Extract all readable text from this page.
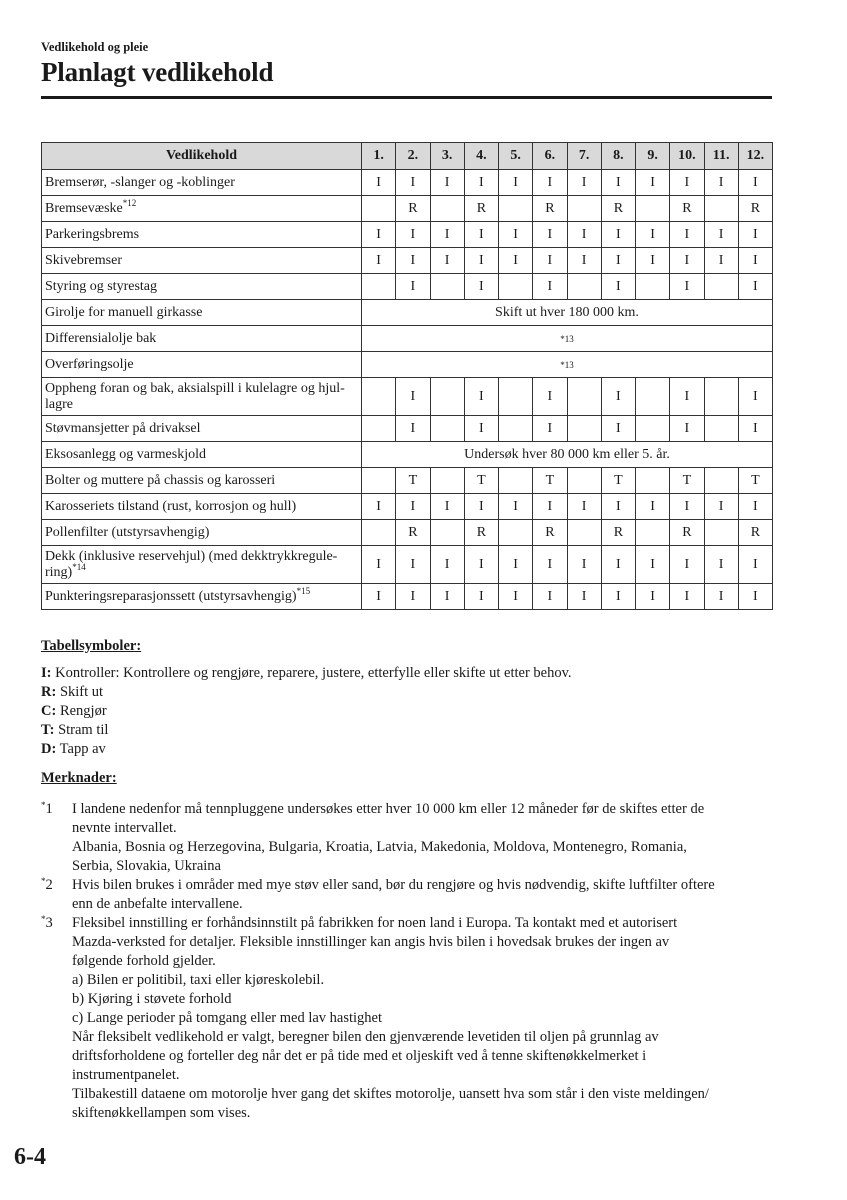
Vedlikehold og pleie
Planlagt vedlikehold
Vedlikehold	1.	2.	3.	4.	5.	6.	7.	8.	9.	10.	11.	12.
Bremserør, -slanger og -koblinger	I	I	I	I	I	I	I	I	I	I	I	I
Bremsevæske$^{*12}$		R		R		R		R		R		R
Parkeringsbrems	I	I	I	I	I	I	I	I	I	I	I	I
Skivebremser	I	I	I	I	I	I	I	I	I	I	I	I
Styring og styrestag		I		I		I		I		I		I
Girolje for manuell girkasse	Skift ut hver 180 000 km.											
Differensialolje bak	*13											
Overføringsolje	*13											
Oppheng foran og bak, aksialspill i kulelagre og hjul-
lagre		I		I		I		I		I		I
Støvmansjetter på drivaksel		I		I		I		I		I		I
Eksosanlegg og varmeskjold	Undersøk hver 80 000 km eller 5. år.											
Bolter og muttere på chassis og karosseri		T		T		T		T		T		T
Karosseriets tilstand (rust, korrosjon og hull)	I	I	I	I	I	I	I	I	I	I	I	I
Pollenfilter (utstyrsavhengig)		R		R		R		R		R		R
Dekk (inklusive reservehjul) (med dekktrykkregule-
ring)$^{*14}$	I	I	I	I	I	I	I	I	I	I	I	I
Punkteringsreparasjonssett (utstyrsavhengig)$^{*15}$	I	I	I	I	I	I	I	I	I	I	I	I
Tabellsymboler:
I: Kontroller: Kontrollere og rengjøre, reparere, justere, etterfylle eller skifte ut etter behov.
R: Skift ut
C: Rengjør
T: Stram til
D: Tapp av
Merknader:
*1 I landene nedenfor må tennpluggene undersøkes etter hver 10 000 km eller 12 måneder før de skiftes etter de
nevnte intervallet.
Albania, Bosnia og Herzegovina, Bulgaria, Kroatia, Latvia, Makedonia, Moldova, Montenegro, Romania,
Serbia, Slovakia, Ukraina
*2 Hvis bilen brukes i områder med mye støv eller sand, bør du rengjøre og hvis nødvendig, skifte luftfilter oftere
enn de anbefalte intervallene.
*3 Fleksibel innstilling er forhåndsinnstilt på fabrikken for noen land i Europa. Ta kontakt med et autorisert
Mazda-verksted for detaljer. Fleksible innstillinger kan angis hvis bilen i hovedsak brukes der ingen av
følgende forhold gjelder.
a) Bilen er politibil, taxi eller kjøreskolebil.
b) Kjøring i støvete forhold
c) Lange perioder på tomgang eller med lav hastighet
Når fleksibelt vedlikehold er valgt, beregner bilen den gjenværende levetiden til oljen på grunnlag av
driftsforholdene og forteller deg når det er på tide med et oljeskift ved å tenne skiftenøkkelmerket i
instrumentpanelet.
Tilbakestill dataene om motorolje hver gang det skiftes motorolje, uansett hva som står i den viste meldingen/
skiftenøkkellampen som vises.
6-4
